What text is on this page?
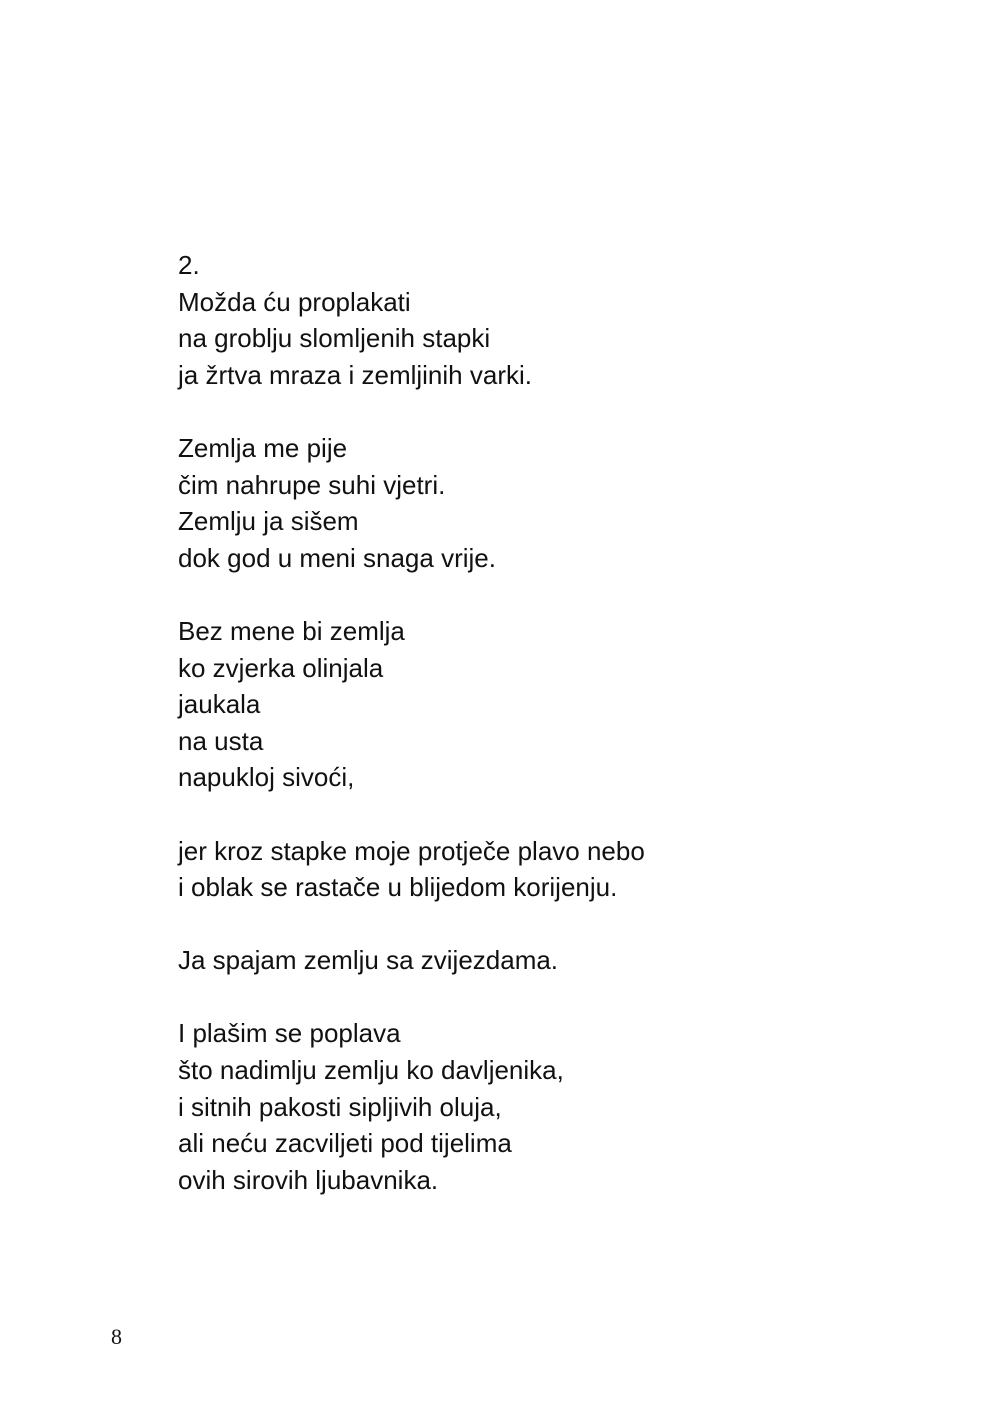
2.
Možda ću proplakati
na groblju slomljenih stapki
ja žrtva mraza i zemljinih varki.
Zemlja me pije
čim nahrupe suhi vjetri.
Zemlju ja sišem
dok god u meni snaga vrije.
Bez mene bi zemlja
ko zvjerka olinjala
jaukala
na usta
napukloj sivoći,
jer kroz stapke moje protječe plavo nebo
i oblak se rastače u blijedom korijenju.
Ja spajam zemlju sa zvijezdama.
I plašim se poplava
što nadimlju zemlju ko davljenika,
i sitnih pakosti sipljivih oluja,
ali neću zacviljeti pod tijelima
ovih sirovih ljubavnika.
8
